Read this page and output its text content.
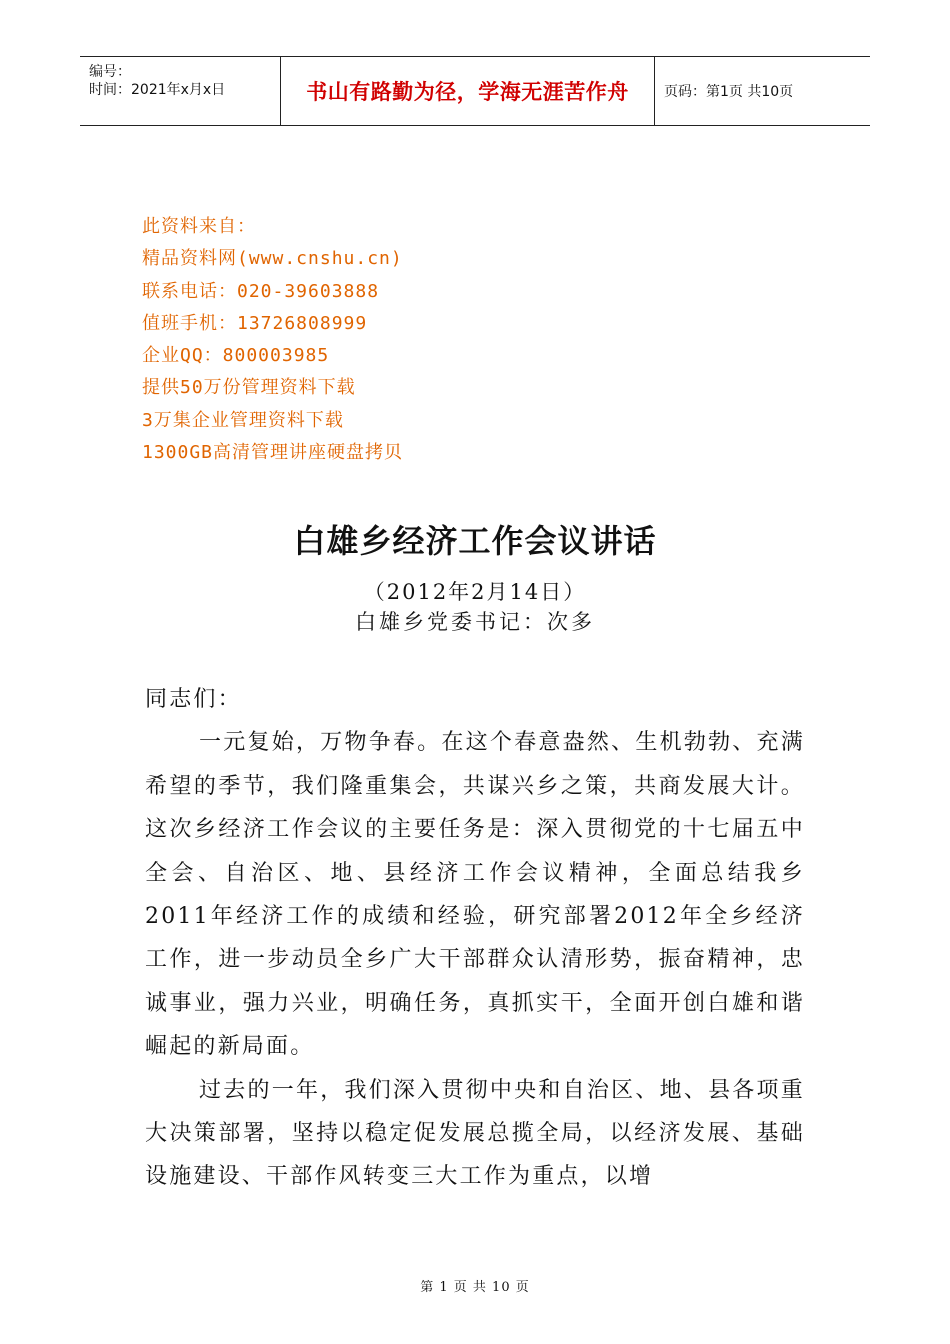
编号：
时间：2021年x月x日	书山有路勤为径，学海无涯苦作舟	页码：第1页 共10页
此资料来自：
精品资料网(www.cnshu.cn)
联系电话：020-39603888
值班手机：13726808999
企业QQ：800003985
提供50万份管理资料下载
3万集企业管理资料下载
1300GB高清管理讲座硬盘拷贝
白雄乡经济工作会议讲话
（2012年2月14日）
白雄乡党委书记：次多

同志们：

一元复始，万物争春。在这个春意盎然、生机勃勃、充满希望的季节，我们隆重集会，共谋兴乡之策，共商发展大计。这次乡经济工作会议的主要任务是：深入贯彻党的十七届五中全会、自治区、地、县经济工作会议精神，全面总结我乡2011年经济工作的成绩和经验，研究部署2012年全乡经济工作，进一步动员全乡广大干部群众认清形势，振奋精神，忠诚事业，强力兴业，明确任务，真抓实干，全面开创白雄和谐崛起的新局面。

过去的一年，我们深入贯彻中央和自治区、地、县各项重大决策部署，坚持以稳定促发展总揽全局，以经济发展、基础设施建设、干部作风转变三大工作为重点，以增

第 1 页 共 10 页
